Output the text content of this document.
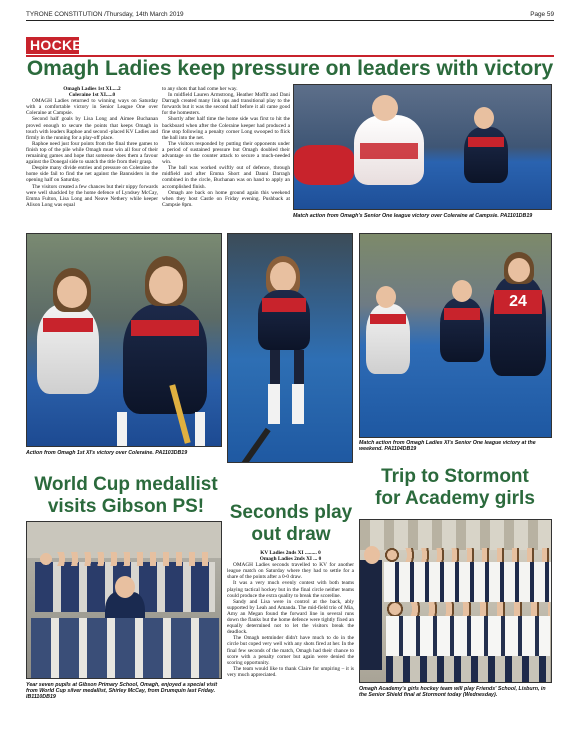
TYRONE CONSTITUTION /Thursday, 14th March 2019	Page 59
HOCKEY
Omagh Ladies keep pressure on leaders with victory

Omagh Ladies 1st XI.....2

Coleraine 1st XI.....0

OMAGH Ladies returned to winning ways on Saturday with a comfortable victory in Senior League One over Coleraine at Campsie.

Second half goals by Lisa Long and Aimee Buchanan proved enough to secure the points that keeps Omagh in touch with leaders Raphoe and second -placed KV Ladies and firmly in the running for a play-off place.

Raphoe need just four points from the final three games to finish top of the pile while Omagh must win all four of their remaining games and hope that someone does them a favour against the Donegal side to snatch the title from their grasp.

Despite many divide entries and pressure on Coleraine the home side fail to find the net against the Bannsiders in the opening half on Saturday.

The visitors created a few chances but their nippy forwards were well shackled by the home defence of Lyndsey McCay, Emma Fulton, Lisa Long and Neave Nethery while keeper Alison Long was equal

to any shots that had come her way.

In midfield Lauren Armstrong, Heather Moffit and Dani Darragh created many link ups and transitional play to the forwards but it was the second half before it all came good for the homesters.

Shortly after half time the home side was first to hit the backboard when after the Coleraine keeper had produced a fine stop following a penalty corner Long swooped to flick the ball into the net.

The visitors responded by putting their opponents under a period of sustained pressure but Omagh doubled their advantage on the counter attack to secure a much-needed win.

The ball was worked swiftly out of defence, through midfield and after Emma Short and Danni Darragh combined in the circle, Buchanan was on hand to apply an accomplished finish.

Omagh are back on home ground again this weekend when they host Castle on Friday evening. Pushback at Campsie 8pm.

Match action from Omagh's Senior One league victory over Coleraine at Campsie. PA1101DB19
Action from Omagh 1st XI's victory over Coleraine. PA1103DB19
24
Match action from Omagh Ladies XI's Senior One league victory at the weekend. PA1104DB19
World Cup medallist
visits Gibson PS!
Year seven pupils at Gibson Primary School, Omagh, enjoyed a special visit from World Cup silver medallist, Shirley McCay, from Drumquin last Friday. IB1110DB19
Seconds play
out draw

KV Ladies 2nds XI ......... 0

Omagh Ladies 2nds XI ... 0

OMAGH Ladies seconds travelled to KV for another league match on Saturday where they had to settle for a share of the points after a 0-0 draw.

It was a very much evenly contest with both teams playing tactical hockey but in the final circle neither teams could produce the extra quality to break the scoreline.

Sandy and Lisa were in control at the back, ably supported by Leah and Amanda. The mid-field trio of Mia, Amy an Megan found the forward line in several runs down the flanks but the home defence were tightly fixed an equally determined not to let the visitors break the deadlock.

The Omagh netminder didn't have much to do in the circle but coped very well with any shots fired at her. In the final few seconds of the match, Omagh had their chance to score with a penalty corner but again were denied the scoring opportunity.

The team would like to thank Claire for umpiring – it is very much appreciated.

Trip to Stormont
for Academy girls
Omagh Academy's girls hockey team will play Friends' School, Lisburn, in the Senior Shield final at Stormont today (Wednesday).
